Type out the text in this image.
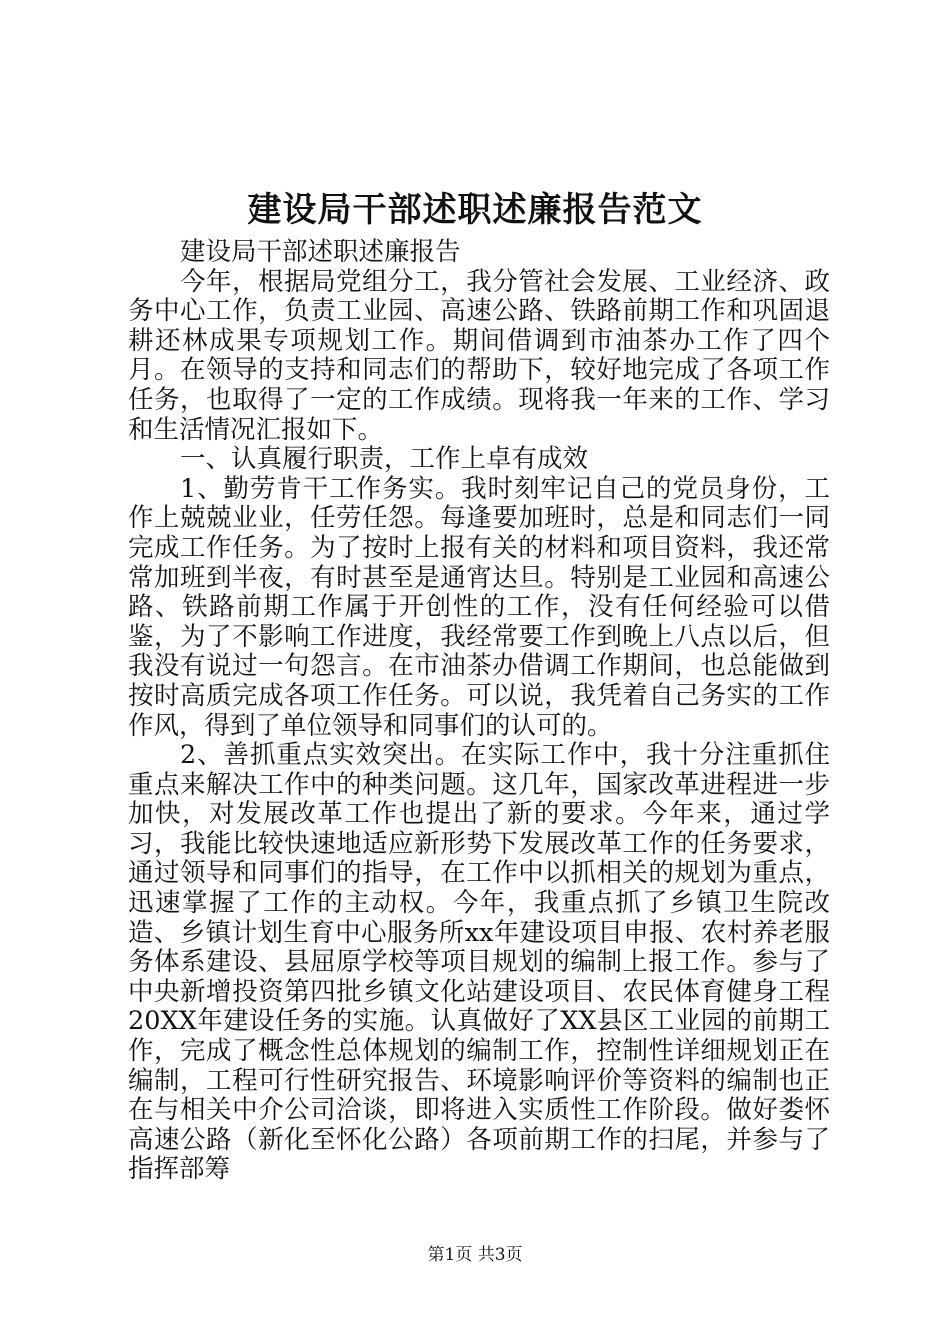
建设局干部述职述廉报告范文

建设局干部述职述廉报告

今年，根据局党组分工，我分管社会发展、工业经济、政务中心工作，负责工业园、高速公路、铁路前期工作和巩固退耕还林成果专项规划工作。期间借调到市油茶办工作了四个月。在领导的支持和同志们的帮助下，较好地完成了各项工作任务，也取得了一定的工作成绩。现将我一年来的工作、学习和生活情况汇报如下。

一、认真履行职责，工作上卓有成效

1、勤劳肯干工作务实。我时刻牢记自己的党员身份，工作上兢兢业业，任劳任怨。每逢要加班时，总是和同志们一同完成工作任务。为了按时上报有关的材料和项目资料，我还常常加班到半夜，有时甚至是通宵达旦。特别是工业园和高速公路、铁路前期工作属于开创性的工作，没有任何经验可以借鉴，为了不影响工作进度，我经常要工作到晚上八点以后，但我没有说过一句怨言。在市油茶办借调工作期间，也总能做到按时高质完成各项工作任务。可以说，我凭着自己务实的工作作风，得到了单位领导和同事们的认可的。

2、善抓重点实效突出。在实际工作中，我十分注重抓住重点来解决工作中的种类问题。这几年，国家改革进程进一步加快，对发展改革工作也提出了新的要求。今年来，通过学习，我能比较快速地适应新形势下发展改革工作的任务要求，通过领导和同事们的指导，在工作中以抓相关的规划为重点，迅速掌握了工作的主动权。今年，我重点抓了乡镇卫生院改造、乡镇计划生育中心服务所xx年建设项目申报、农村养老服务体系建设、县屈原学校等项目规划的编制上报工作。参与了中央新增投资第四批乡镇文化站建设项目、农民体育健身工程20XX年建设任务的实施。认真做好了XX县区工业园的前期工作，完成了概念性总体规划的编制工作，控制性详细规划正在编制，工程可行性研究报告、环境影响评价等资料的编制也正在与相关中介公司洽谈，即将进入实质性工作阶段。做好娄怀高速公路（新化至怀化公路）各项前期工作的扫尾，并参与了指挥部筹

第1页 共3页
